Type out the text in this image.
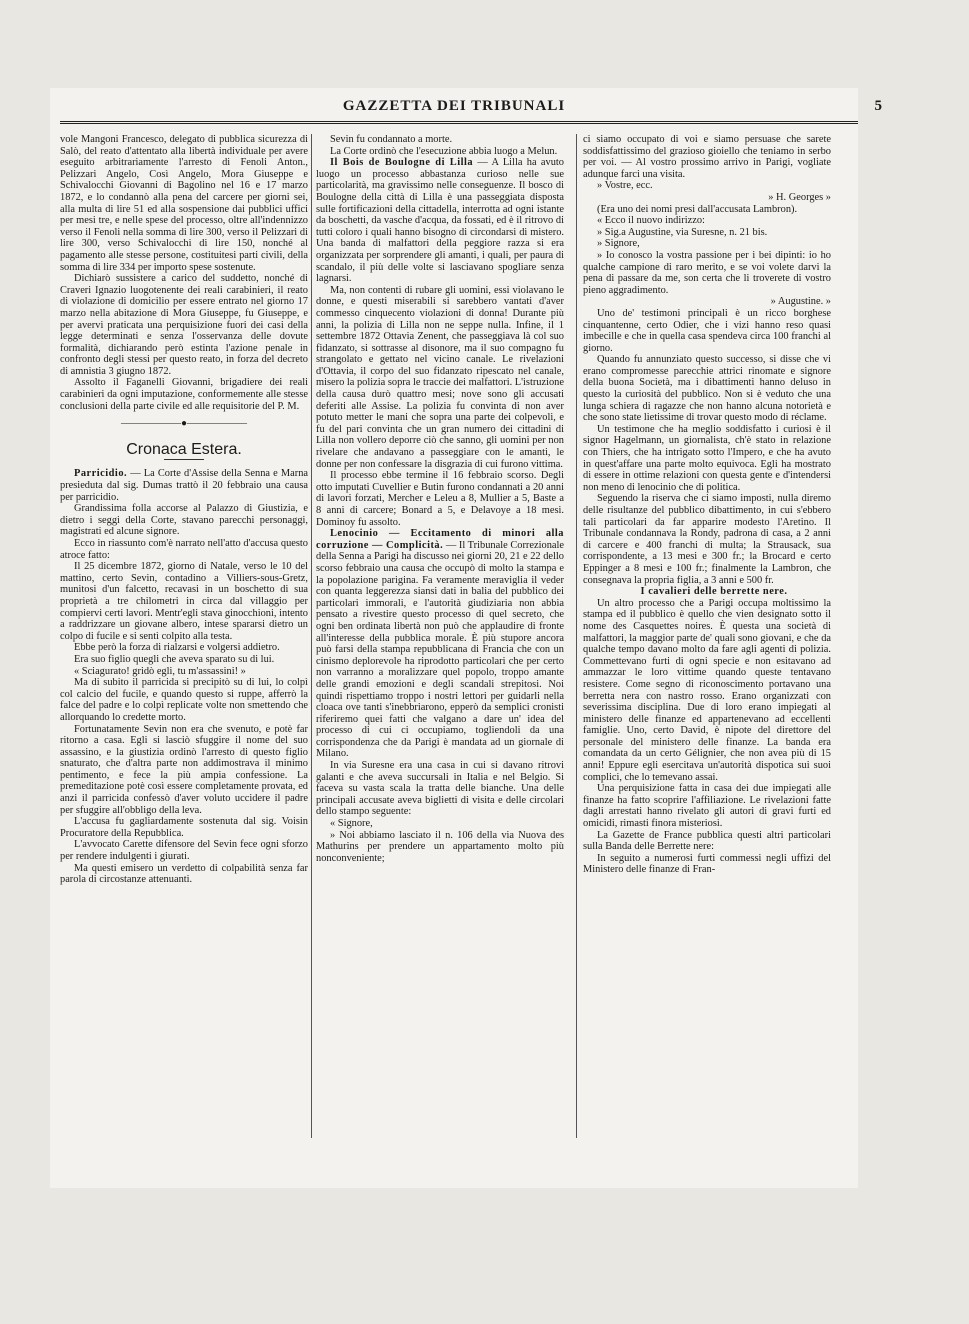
GAZZETTA DEI TRIBUNALI	5

vole Mangoni Francesco, delegato di pubblica sicurezza di Salò, del reato d'attentato alla libertà individuale per avere eseguito arbitrariamente l'arresto di Fenoli Anton., Pelizzari Angelo, Così Angelo, Mora Giuseppe e Schivalocchi Giovanni di Bagolino nel 16 e 17 marzo 1872, e lo condannò alla pena del carcere per giorni sei, alla multa di lire 51 ed alla sospensione dai pubblici uffici per mesi tre, e nelle spese del processo, oltre all'indennizzo verso il Fenoli nella somma di lire 300, verso il Pelizzari di lire 300, verso Schivalocchi di lire 150, nonché al pagamento alle stesse persone, costituitesi parti civili, della somma di lire 334 per importo spese sostenute.

Dichiarò sussistere a carico del suddetto, nonché di Craveri Ignazio luogotenente dei reali carabinieri, il reato di violazione di domicilio per essere entrato nel giorno 17 marzo nella abitazione di Mora Giuseppe, fu Giuseppe, e per avervi praticata una perquisizione fuori dei casi della legge determinati e senza l'osservanza delle dovute formalità, dichiarando però estinta l'azione penale in confronto degli stessi per questo reato, in forza del decreto di amnistia 3 giugno 1872.

Assolto il Faganelli Giovanni, brigadiere dei reali carabinieri da ogni imputazione, conformemente alle stesse conclusioni della parte civile ed alle requisitorie del P. M.

——————●——————
Cronaca Estera.

Parricidio. — La Corte d'Assise della Senna e Marna presieduta dal sig. Dumas trattò il 20 febbraio una causa per parricidio.

Grandissima folla accorse al Palazzo di Giustizia, e dietro i seggi della Corte, stavano parecchi personaggi, magistrati ed alcune signore.

Ecco in riassunto com'è narrato nell'atto d'accusa questo atroce fatto:

Il 25 dicembre 1872, giorno di Natale, verso le 10 del mattino, certo Sevin, contadino a Villiers-sous-Gretz, munitosi d'un falcetto, recavasi in un boschetto di sua proprietà a tre chilometri in circa dal villaggio per compiervi certi lavori. Mentr'egli stava ginocchioni, intento a raddrizzare un giovane albero, intese spararsi dietro un colpo di fucile e si sentì colpito alla testa.

Ebbe però la forza di rialzarsi e volgersi addietro.

Era suo figlio quegli che aveva sparato su di lui.

« Sciagurato! gridò egli, tu m'assassini! »

Ma di subito il parricida si precipitò su di lui, lo colpì col calcio del fucile, e quando questo si ruppe, afferrò la falce del padre e lo colpì replicate volte non smettendo che allorquando lo credette morto.

Fortunatamente Sevin non era che svenuto, e potè far ritorno a casa. Egli si lasciò sfuggire il nome del suo assassino, e la giustizia ordinò l'arresto di questo figlio snaturato, che d'altra parte non addimostrava il minimo pentimento, e fece la più ampia confessione. La premeditazione potè così essere completamente provata, ed anzi il parricida confessò d'aver voluto uccidere il padre per sfuggire all'obbligo della leva.

L'accusa fu gagliardamente sostenuta dal sig. Voisin Procuratore della Repubblica.

L'avvocato Carette difensore del Sevin fece ogni sforzo per rendere indulgenti i giurati.

Ma questi emisero un verdetto di colpabilità senza far parola di circostanze attenuanti.

Sevin fu condannato a morte.

La Corte ordinò che l'esecuzione abbia luogo a Melun.

Il Bois de Boulogne di Lilla — A Lilla ha avuto luogo un processo abbastanza curioso nelle sue particolarità, ma gravissimo nelle conseguenze. Il bosco di Boulogne della città di Lilla è una passeggiata disposta sulle fortificazioni della cittadella, interrotta ad ogni istante da boschetti, da vasche d'acqua, da fossati, ed è il ritrovo di tutti coloro i quali hanno bisogno di circondarsi di mistero. Una banda di malfattori della peggiore razza si era organizzata per sorprendere gli amanti, i quali, per paura di scandalo, il più delle volte si lasciavano spogliare senza lagnarsi.

Ma, non contenti di rubare gli uomini, essi violavano le donne, e questi miserabili si sarebbero vantati d'aver commesso cinquecento violazioni di donna! Durante più anni, la polizia di Lilla non ne seppe nulla. Infine, il 1 settembre 1872 Ottavia Zenent, che passeggiava là col suo fidanzato, si sottrasse al disonore, ma il suo compagno fu strangolato e gettato nel vicino canale. Le rivelazioni d'Ottavia, il corpo del suo fidanzato ripescato nel canale, misero la polizia sopra le traccie dei malfattori. L'istruzione della causa durò quattro mesi; nove sono gli accusati deferiti alle Assise. La polizia fu convinta di non aver potuto metter le mani che sopra una parte dei colpevoli, e fu del pari convinta che un gran numero dei cittadini di Lilla non vollero deporre ciò che sanno, gli uomini per non rivelare che andavano a passeggiare con le amanti, le donne per non confessare la disgrazia di cui furono vittima.

Il processo ebbe termine il 16 febbraio scorso. Degli otto imputati Cuvellier e Butin furono condannati a 20 anni di lavori forzati, Mercher e Leleu a 8, Mullier a 5, Baste a 8 anni di carcere; Bonard a 5, e Delavoye a 18 mesi. Dominoy fu assolto.

Lenocinio — Eccitamento di minori alla corruzione — Complicità. — Il Tribunale Correzionale della Senna a Parigi ha discusso nei giorni 20, 21 e 22 dello scorso febbraio una causa che occupò di molto la stampa e la popolazione parigina. Fa veramente meraviglia il veder con quanta leggerezza siansi dati in balia del pubblico dei particolari immorali, e l'autorità giudiziaria non abbia pensato a rivestire questo processo di quel secreto, che ogni ben ordinata libertà non può che applaudire di fronte all'interesse della pubblica morale. È più stupore ancora può farsi della stampa repubblicana di Francia che con un cinismo deplorevole ha riprodotto particolari che per certo non varranno a moralizzare quel popolo, troppo amante delle grandi emozioni e degli scandali strepitosi. Noi quindi rispettiamo troppo i nostri lettori per guidarli nella cloaca ove tanti s'inebbriarono, epperò da semplici cronisti riferiremo quei fatti che valgano a dare un' idea del processo di cui ci occupiamo, togliendoli da una corrispondenza che da Parigi è mandata ad un giornale di Milano.

In via Suresne era una casa in cui si davano ritrovi galanti e che aveva succursali in Italia e nel Belgio. Si faceva su vasta scala la tratta delle bianche. Una delle principali accusate aveva biglietti di visita e delle circolari dello stampo seguente:

« Signore,

» Noi abbiamo lasciato il n. 106 della via Nuova des Mathurins per prendere un appartamento molto più nonconveniente;

ci siamo occupato di voi e siamo persuase che sarete soddisfattissimo del grazioso gioiello che teniamo in serbo per voi. — Al vostro prossimo arrivo in Parigi, vogliate adunque farci una visita.

» Vostre, ecc.

» H. Georges »

(Era uno dei nomi presi dall'accusata Lambron).

« Ecco il nuovo indirizzo:

» Sig.a Augustine, via Suresne, n. 21 bis.

» Signore,

» Io conosco la vostra passione per i bei dipinti: io ho qualche campione di raro merito, e se voi volete darvi la pena di passare da me, son certa che li troverete di vostro pieno aggradimento.

» Augustine. »

Uno de' testimoni principali è un ricco borghese cinquantenne, certo Odier, che i vizi hanno reso quasi imbecille e che in quella casa spendeva circa 100 franchi al giorno.

Quando fu annunziato questo successo, si disse che vi erano compromesse parecchie attrici rinomate e signore della buona Società, ma i dibattimenti hanno deluso in questo la curiosità del pubblico. Non si è veduto che una lunga schiera di ragazze che non hanno alcuna notorietà e che sono state lietissime di trovar questo modo di réclame.

Un testimone che ha meglio soddisfatto i curiosi è il signor Hagelmann, un giornalista, ch'è stato in relazione con Thiers, che ha intrigato sotto l'Impero, e che ha avuto in quest'affare una parte molto equivoca. Egli ha mostrato di essere in ottime relazioni con questa gente e d'intendersi non meno di lenocinio che di politica.

Seguendo la riserva che ci siamo imposti, nulla diremo delle risultanze del pubblico dibattimento, in cui s'ebbero tali particolari da far apparire modesto l'Aretino. Il Tribunale condannava la Rondy, padrona di casa, a 2 anni di carcere e 400 franchi di multa; la Strausack, sua corrispondente, a 13 mesi e 300 fr.; la Brocard e certo Eppinger a 8 mesi e 100 fr.; finalmente la Lambron, che consegnava la propria figlia, a 3 anni e 500 fr.

I cavalieri delle berrette nere.

Un altro processo che a Parigi occupa moltissimo la stampa ed il pubblico è quello che vien designato sotto il nome des Casquettes noires. È questa una società di malfattori, la maggior parte de' quali sono giovani, e che da qualche tempo davano molto da fare agli agenti di polizia. Commettevano furti di ogni specie e non esitavano ad ammazzar le loro vittime quando queste tentavano resistere. Come segno di riconoscimento portavano una berretta nera con nastro rosso. Erano organizzati con severissima disciplina. Due di loro erano impiegati al ministero delle finanze ed appartenevano ad eccellenti famiglie. Uno, certo David, è nipote del direttore del personale del ministero delle finanze. La banda era comandata da un certo Gélignier, che non avea più di 15 anni! Eppure egli esercitava un'autorità dispotica sui suoi complici, che lo temevano assai.

Una perquisizione fatta in casa dei due impiegati alle finanze ha fatto scoprire l'affiliazione. Le rivelazioni fatte dagli arrestati hanno rivelato gli autori di gravi furti ed omicidi, rimasti finora misteriosi.

La Gazette de France pubblica questi altri particolari sulla Banda delle Berrette nere:

In seguito a numerosi furti commessi negli uffizi del Ministero delle finanze di Fran-
